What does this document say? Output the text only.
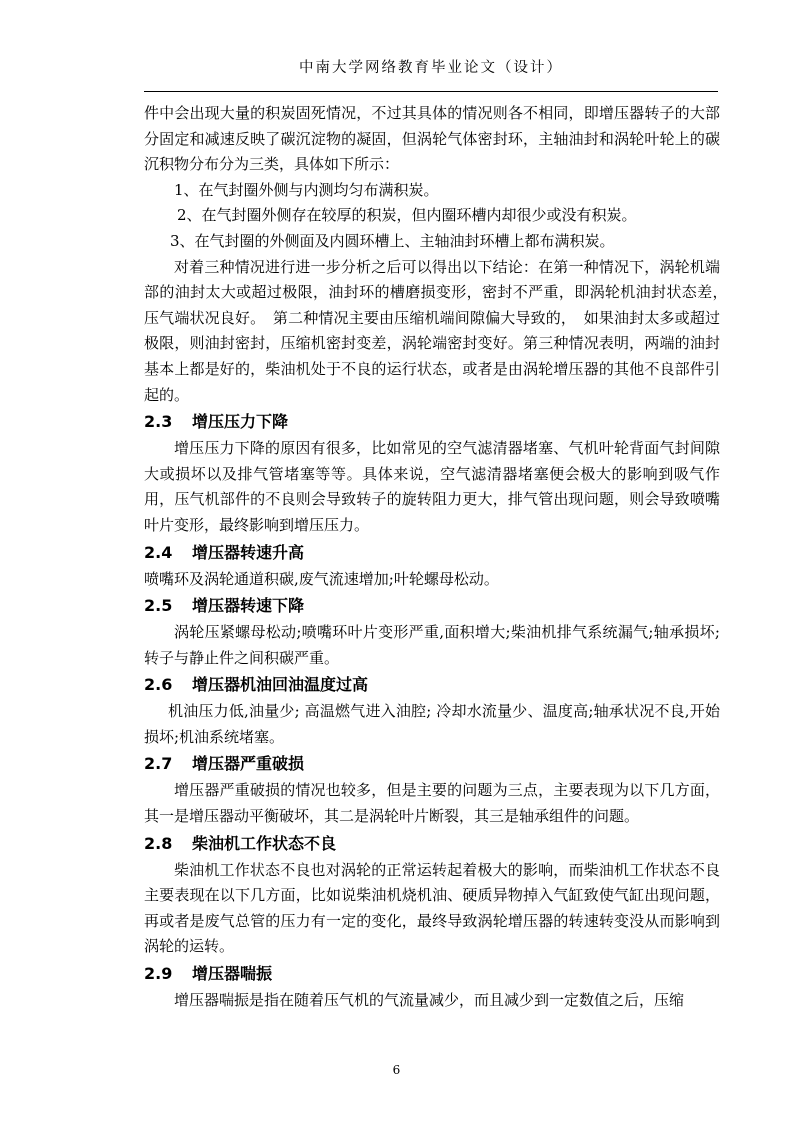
中南大学网络教育毕业论文（设计）

件中会出现大量的积炭固死情况，不过其具体的情况则各不相同，即增压器转子的大部分固定和减速反映了碳沉淀物的凝固，但涡轮气体密封环，主轴油封和涡轮叶轮上的碳沉积物分布分为三类，具体如下所示：

1、在气封圈外侧与内测均匀布满积炭。

2、在气封圈外侧存在较厚的积炭，但内圈环槽内却很少或没有积炭。

3、在气封圈的外侧面及内圆环槽上、主轴油封环槽上都布满积炭。

对着三种情况进行进一步分析之后可以得出以下结论：在第一种情况下，涡轮机端部的油封太大或超过极限，油封环的槽磨损变形，密封不严重，即涡轮机油封状态差，　压气端状况良好。　第二种情况主要由压缩机端间隙偏大导致的，　如果油封太多或超过极限，则油封密封，压缩机密封变差，涡轮端密封变好。第三种情况表明，两端的油封基本上都是好的，柴油机处于不良的运行状态，或者是由涡轮增压器的其他不良部件引起的。

2.3 增压压力下降

增压压力下降的原因有很多，比如常见的空气滤清器堵塞、气机叶轮背面气封间隙大或损坏以及排气管堵塞等等。具体来说，空气滤清器堵塞便会极大的影响到吸气作用，压气机部件的不良则会导致转子的旋转阻力更大，排气管出现问题，则会导致喷嘴叶片变形，最终影响到增压压力。

2.4 增压器转速升高

喷嘴环及涡轮通道积碳,废气流速增加;叶轮螺母松动。

2.5 增压器转速下降

涡轮压紧螺母松动;喷嘴环叶片变形严重,面积增大;柴油机排气系统漏气;轴承损坏;转子与静止件之间积碳严重。

2.6 增压器机油回油温度过高

机油压力低,油量少; 高温燃气进入油腔; 冷却水流量少、温度高;轴承状况不良,开始损坏;机油系统堵塞。

2.7 增压器严重破损

增压器严重破损的情况也较多，但是主要的问题为三点，主要表现为以下几方面，其一是增压器动平衡破坏，其二是涡轮叶片断裂，其三是轴承组件的问题。

2.8 柴油机工作状态不良

柴油机工作状态不良也对涡轮的正常运转起着极大的影响，而柴油机工作状态不良主要表现在以下几方面，比如说柴油机烧机油、硬质异物掉入气缸致使气缸出现问题，再或者是废气总管的压力有一定的变化，最终导致涡轮增压器的转速转变没从而影响到涡轮的运转。

2.9 增压器喘振

增压器喘振是指在随着压气机的气流量减少，而且减少到一定数值之后，压缩

6
